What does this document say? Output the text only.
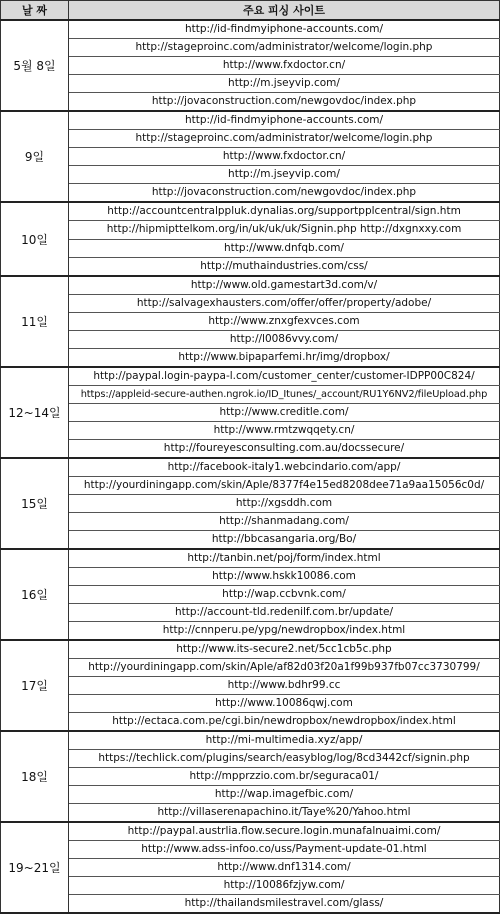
날 짜	주요 피싱 사이트
5월 8일	http://id-findmyiphone-accounts.com/
	http://stageproinc.com/administrator/welcome/login.php
	http://www.fxdoctor.cn/
	http://m.jseyvip.com/
	http://jovaconstruction.com/newgovdoc/index.php
9일	http://id-findmyiphone-accounts.com/
	http://stageproinc.com/administrator/welcome/login.php
	http://www.fxdoctor.cn/
	http://m.jseyvip.com/
	http://jovaconstruction.com/newgovdoc/index.php
10일	http://accountcentralppluk.dynalias.org/supportpplcentral/sign.htm
	http://hipmipttelkom.org/in/uk/uk/uk/Signin.php http://dxgnxxy.com
	http://www.dnfqb.com/
	http://muthaindustries.com/css/
11일	http://www.old.gamestart3d.com/v/
	http://salvagexhausters.com/offer/offer/property/adobe/
	http://www.znxgfexvces.com
	http://l0086vvy.com/
	http://www.bipaparfemi.hr/img/dropbox/
12~14일	http://paypal.login-paypa-l.com/customer_center/customer-IDPP00C824/
	https://appleid-secure-authen.ngrok.io/ID_Itunes/_account/RU1Y6NV2/fileUpload.php
	http://www.creditle.com/
	http://www.rmtzwqqety.cn/
	http://foureyesconsulting.com.au/docssecure/
15일	http://facebook-italy1.webcindario.com/app/
	http://yourdiningapp.com/skin/Aple/8377f4e15ed8208dee71a9aa15056c0d/
	http://xgsddh.com
	http://shanmadang.com/
	http://bbcasangaria.org/Bo/
16일	http://tanbin.net/poj/form/index.html
	http://www.hskk10086.com
	http://wap.ccbvnk.com/
	http://account-tld.redenilf.com.br/update/
	http://cnnperu.pe/ypg/newdropbox/index.html
17일	http://www.its-secure2.net/5cc1cb5c.php
	http://yourdiningapp.com/skin/Aple/af82d03f20a1f99b937fb07cc3730799/
	http://www.bdhr99.cc
	http://www.10086qwj.com
	http://ectaca.com.pe/cgi.bin/newdropbox/newdropbox/index.html
18일	http://mi-multimedia.xyz/app/
	https://techlick.com/plugins/search/easyblog/log/8cd3442cf/signin.php
	http://mpprzzio.com.br/seguraca01/
	http://wap.imagefbic.com/
	http://villaserenapachino.it/Taye%20/Yahoo.html
19~21일	http://paypal.austrlia.flow.secure.login.munafalnuaimi.com/
	http://www.adss-infoo.co/uss/Payment-update-01.html
	http://www.dnf1314.com/
	http://10086fzjyw.com/
	http://thailandsmilestravel.com/glass/
